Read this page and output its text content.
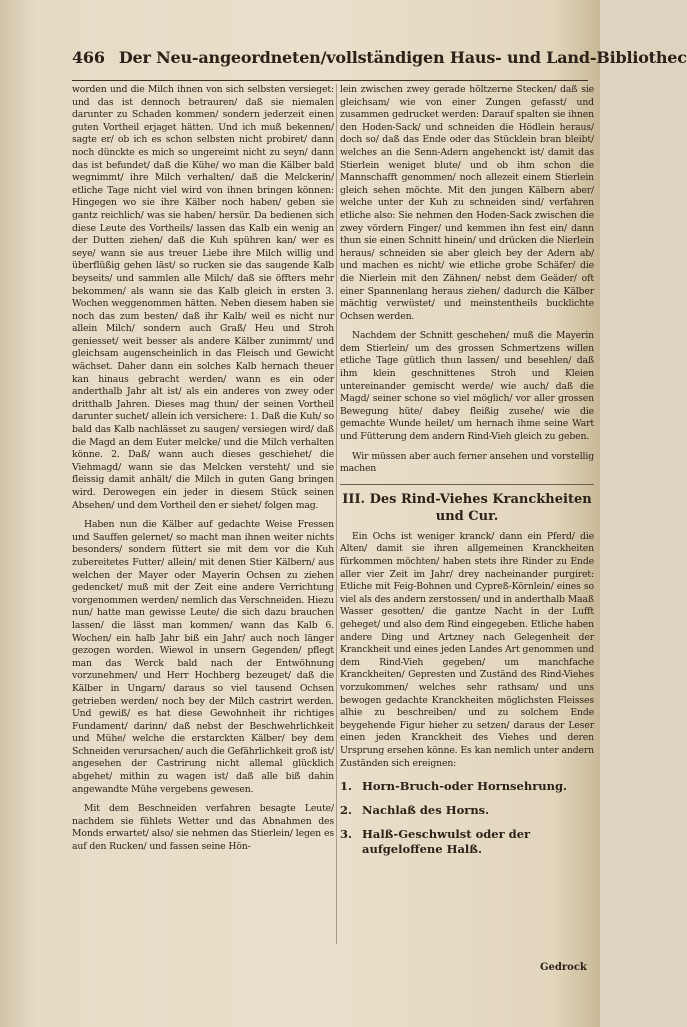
466 Der Neu-angeordneten/vollständigen Haus- und Land-Bibliothec

worden und die Milch ihnen von sich selbsten versieget: und das ist dennoch betrauren/ daß sie niemalen darunter zu Schaden kommen/ sondern jederzeit einen guten Vortheil erjaget hätten. Und ich muß bekennen/ sagte er/ ob ich es schon selbsten nicht probiret/ dann noch dünckte es mich so ungereimt nicht zu seyn/ dann das ist befundet/ daß die Kühe/ wo man die Kälber bald wegnimmt/ ihre Milch verhalten/ daß die Melckerin/ etliche Tage nicht viel wird von ihnen bringen können: Hingegen wo sie ihre Kälber noch haben/ geben sie gantz reichlich/ was sie haben/ hersür. Da bedienen sich diese Leute des Vortheils/ lassen das Kalb ein wenig an der Dutten ziehen/ daß die Kuh spühren kan/ wer es seye/ wann sie aus treuer Liebe ihre Milch willig und überflüßig gehen läst/ so rucken sie das saugende Kalb beyseits/ und sammlen alle Milch/ daß sie öffters mehr bekommen/ als wann sie das Kalb gleich in ersten 3. Wochen weggenommen hätten. Neben diesem haben sie noch das zum besten/ daß ihr Kalb/ weil es nicht nur allein Milch/ sondern auch Graß/ Heu und Stroh geniesset/ weit besser als andere Kälber zunimmt/ und gleichsam augenscheinlich in das Fleisch und Gewicht wächset. Daher dann ein solches Kalb hernach theuer kan hinaus gebracht werden/ wann es ein oder anderthalb Jahr alt ist/ als ein anderes von zwey oder dritthalb Jahren. Dieses mag thun/ der seinen Vortheil darunter suchet/ allein ich versichere: 1. Daß die Kuh/ so bald das Kalb nachlässet zu saugen/ versiegen wird/ daß die Magd an dem Euter melcke/ und die Milch verhalten könne. 2. Daß/ wann auch dieses geschiehet/ die Viehmagd/ wann sie das Melcken versteht/ und sie fleissig damit anhält/ die Milch in guten Gang bringen wird. Derowegen ein jeder in diesem Stück seinen Absehen/ und dem Vortheil den er siehet/ folgen mag.

Haben nun die Kälber auf gedachte Weise Fressen und Sauffen gelernet/ so macht man ihnen weiter nichts besonders/ sondern füttert sie mit dem vor die Kuh zubereitetes Futter/ allein/ mit denen Stier Kälbern/ aus welchen der Mayer oder Mayerin Ochsen zu ziehen gedencket/ muß mit der Zeit eine andere Verrichtung vorgenommen werden/ nemlich das Verschneiden. Hiezu nun/ hatte man gewisse Leute/ die sich dazu brauchen lassen/ die lässt man kommen/ wann das Kalb 6. Wochen/ ein halb Jahr biß ein Jahr/ auch noch länger gezogen worden. Wiewol in unsern Gegenden/ pflegt man das Werck bald nach der Entwöhnung vorzunehmen/ und Herr Hochberg bezeuget/ daß die Kälber in Ungarn/ daraus so viel tausend Ochsen getrieben werden/ noch bey der Milch castrirt werden. Und gewiß/ es hat diese Gewohnheit ihr richtiges Fundament/ darinn/ daß nebst der Beschwehrlichkeit und Mühe/ welche die erstarckten Kälber/ bey dem Schneiden verursachen/ auch die Gefährlichkeit groß ist/ angesehen der Castrirung nicht allemal glücklich abgehet/ mithin zu wagen ist/ daß alle biß dahin angewandte Mühe vergebens gewesen.

Mit dem Beschneiden verfahren besagte Leute/ nachdem sie fühlets Wetter und das Abnahmen des Monds erwartet/ also/ sie nehmen das Stierlein/ legen es auf den Rucken/ und fassen seine Hön-

lein zwischen zwey gerade höltzerne Stecken/ daß sie gleichsam/ wie von einer Zungen gefasst/ und zusammen gedrucket werden: Darauf spalten sie ihnen den Hoden-Sack/ und schneiden die Hödlein heraus/ doch so/ daß das Ende oder das Stücklein bran bleibt/ welches an die Senn-Adern angehenckt ist/ damit das Stierlein weniget blute/ und ob ihm schon die Mannschafft genommen/ noch allezeit einem Stierlein gleich sehen möchte. Mit den jungen Kälbern aber/ welche unter der Kuh zu schneiden sind/ verfahren etliche also: Sie nehmen den Hoden-Sack zwischen die zwey vördern Finger/ und kemmen ihn fest ein/ dann thun sie einen Schnitt hinein/ und drücken die Nierlein heraus/ schneiden sie aber gleich bey der Adern ab/ und machen es nicht/ wie etliche grobe Schäfer/ die die Nierlein mit den Zähnen/ nebst dem Geäder/ oft einer Spannenlang heraus ziehen/ dadurch die Kälber mächtig verwüstet/ und meinstentheils bucklichte Ochsen werden.

Nachdem der Schnitt geschehen/ muß die Mayerin dem Stierlein/ um des grossen Schmertzens willen etliche Tage gütlich thun lassen/ und besehlen/ daß ihm klein geschnittenes Stroh und Kleien untereinander gemischt werde/ wie auch/ daß die Magd/ seiner schone so viel möglich/ vor aller grossen Bewegung hüte/ dabey fleißig zusehe/ wie die gemachte Wunde heilet/ um hernach ihme seine Wart und Fütterung dem andern Rind-Vieh gleich zu geben.

Wir müssen aber auch ferner ansehen und vorstellig machen

III. Des Rind-Viehes Kranckheiten und Cur.

Ein Ochs ist weniger kranck/ dann ein Pferd/ die Alten/ damit sie ihren allgemeinen Kranckheiten fürkommen möchten/ haben stets ihre Rinder zu Ende aller vier Zeit im Jahr/ drey nacheinander purgiret: Etliche mit Feig-Bohnen und Cypreß-Körnlein/ eines so viel als des andern zerstossen/ und in anderthalb Maaß Wasser gesotten/ die gantze Nacht in der Lufft geheget/ und also dem Rind eingegeben. Etliche haben andere Ding und Artzney nach Gelegenheit der Kranckheit und eines jeden Landes Art genommen und dem Rind-Vieh gegeben/ um manchfache Kranckheiten/ Gepresten und Zuständ des Rind-Viehes vorzukommen/ welches sehr rathsam/ und uns bewogen gedachte Kranckheiten möglichsten Fleisses alhie zu beschreiben/ und zu solchem Ende beygehende Figur hieher zu setzen/ daraus der Leser einen jeden Kranckheit des Viehes und deren Ursprung ersehen könne. Es kan nemlich unter andern Zuständen sich ereignen:

1. Horn-Bruch-oder Hornsehrung.
2. Nachlaß des Horns.
3. Halß-Geschwulst oder der aufgeloffene Halß.
Gedrock
